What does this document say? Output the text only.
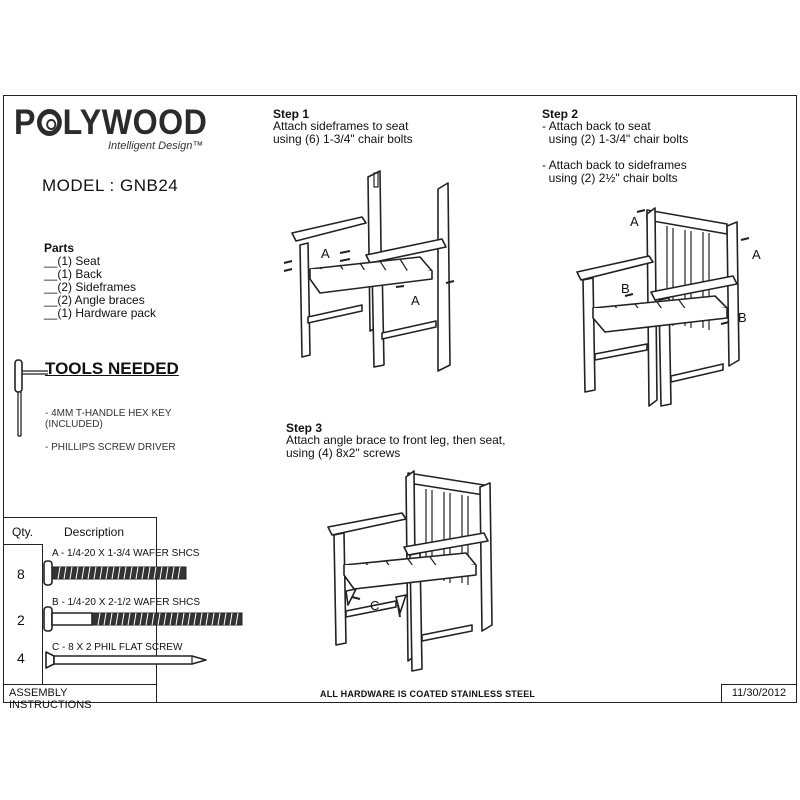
P LYWOOD
Intelligent Design™
MODEL : GNB24
Parts
__(1) Seat
__(1) Back
__(2) Sideframes
__(2) Angle braces
__(1) Hardware pack
TOOLS NEEDED
- 4MM T-HANDLE HEX KEY
(INCLUDED)
- PHILLIPS SCREW DRIVER
Step 1
Attach sideframes to seat
using (6) 1-3/4" chair bolts
A
A
Step 2
- Attach back to seat
using (2) 1-3/4" chair bolts

- Attach back to sideframes
using (2) 2½" chair bolts
A
A
B
B
Step 3
Attach angle brace to front leg, then seat,
using (4) 8x2" screws
C
Qty.	Description
8
A - 1/4-20 X 1-3/4 WAFER SHCS
2
B - 1/4-20 X 2-1/2 WAFER SHCS
4
C - 8 X 2 PHIL FLAT SCREW
ASSEMBLY INSTRUCTIONS
ALL HARDWARE IS COATED STAINLESS STEEL	11/30/2012
